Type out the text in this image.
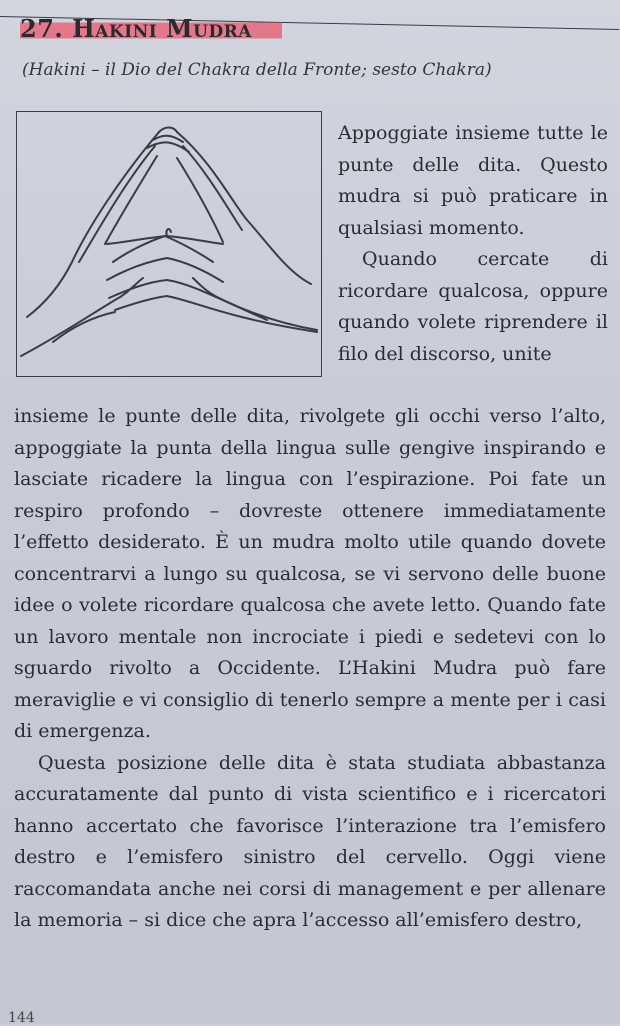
27. Hakini Mudra
(Hakini – il Dio del Chakra della Fronte; sesto Chakra)

Appoggiate insieme tutte le punte delle dita. Questo mudra si può praticare in qualsiasi momento.

Quando cercate di ricordare qualcosa, oppure quando volete riprendere il filo del discorso, unite

insieme le punte delle dita, rivolgete gli occhi verso l’alto, appoggiate la punta della lingua sulle gengive inspirando e lasciate ricadere la lingua con l’espirazione. Poi fate un respiro profondo – dovreste ottenere immediatamente l’effetto desiderato. È un mudra molto utile quando dovete concentrarvi a lungo su qualcosa, se vi servono delle buone idee o volete ricordare qualcosa che avete letto. Quando fate un lavoro mentale non incrociate i piedi e sedetevi con lo sguardo rivolto a Occidente. L’Hakini Mudra può fare meraviglie e vi consiglio di tenerlo sempre a mente per i casi di emergenza.

Questa posizione delle dita è stata studiata abbastanza accuratamente dal punto di vista scientifico e i ricercatori hanno accertato che favorisce l’interazione tra l’emisfero destro e l’emisfero sinistro del cervello. Oggi viene raccomandata anche nei corsi di management e per allenare la memoria – si dice che apra l’accesso all’emisfero destro,

144
